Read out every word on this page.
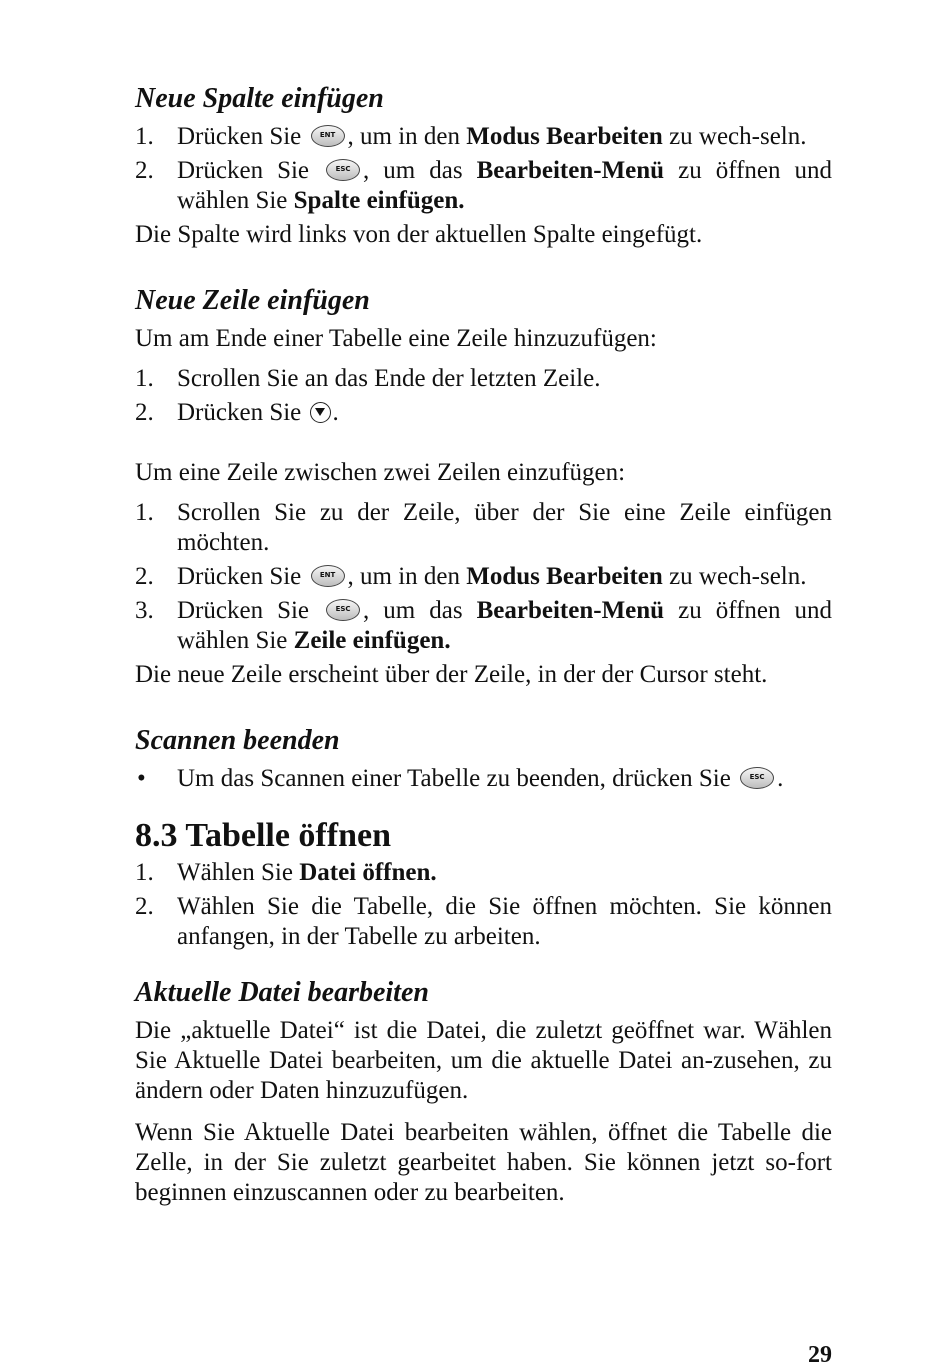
Neue Spalte einfügen
1. Drücken Sie	ENT , um in den Modus Bearbeiten zu wech-seln.
2. Drücken Sie	ESC , um das Bearbeiten-Menü zu öffnen und wählen Sie Spalte einfügen.

Die Spalte wird links von der aktuellen Spalte eingefügt.

Neue Zeile einfügen

Um am Ende einer Tabelle eine Zeile hinzuzufügen:

1. Scrollen Sie an das Ende der letzten Zeile.
2. Drücken Sie .

Um eine Zeile zwischen zwei Zeilen einzufügen:

1. Scrollen Sie zu der Zeile, über der Sie eine Zeile einfügen möchten.
2. Drücken Sie	ENT , um in den Modus Bearbeiten zu wech-seln.
3. Drücken Sie	ESC , um das Bearbeiten-Menü zu öffnen und wählen Sie Zeile einfügen.

Die neue Zeile erscheint über der Zeile, in der der Cursor steht.

Scannen beenden
• Um das Scannen einer Tabelle zu beenden, drücken Sie	ESC .
8.3 Tabelle öffnen
1. Wählen Sie Datei öffnen.
2. Wählen Sie die Tabelle, die Sie öffnen möchten. Sie können anfangen, in der Tabelle zu arbeiten.
Aktuelle Datei bearbeiten

Die „aktuelle Datei“ ist die Datei, die zuletzt geöffnet war. Wählen Sie Aktuelle Datei bearbeiten, um die aktuelle Datei an-zusehen, zu ändern oder Daten hinzuzufügen.

Wenn Sie Aktuelle Datei bearbeiten wählen, öffnet die Tabelle die Zelle, in der Sie zuletzt gearbeitet haben. Sie können jetzt so-fort beginnen einzuscannen oder zu bearbeiten.

29
